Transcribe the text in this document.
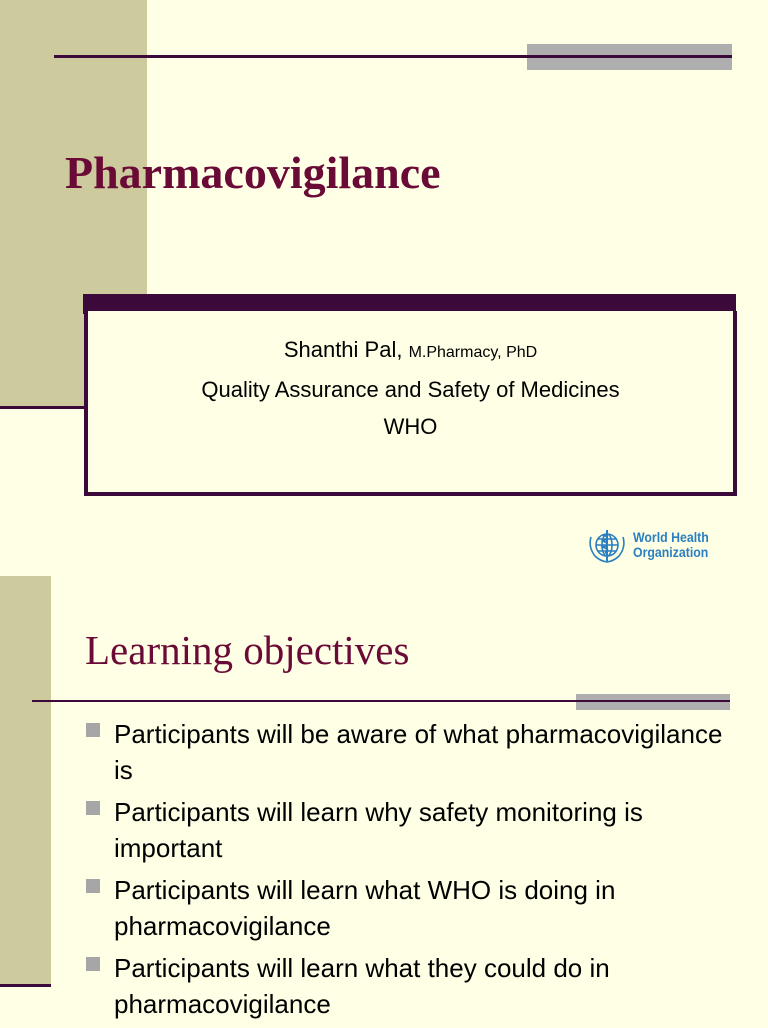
Pharmacovigilance
Shanthi Pal, M.Pharmacy, PhD
Quality Assurance and Safety of Medicines
WHO
World Health
Organization
Learning objectives
Participants will be aware of what pharmacovigilance is
Participants will learn why safety monitoring is important
Participants will learn what WHO is doing in pharmacovigilance
Participants will learn what they could do in pharmacovigilance
